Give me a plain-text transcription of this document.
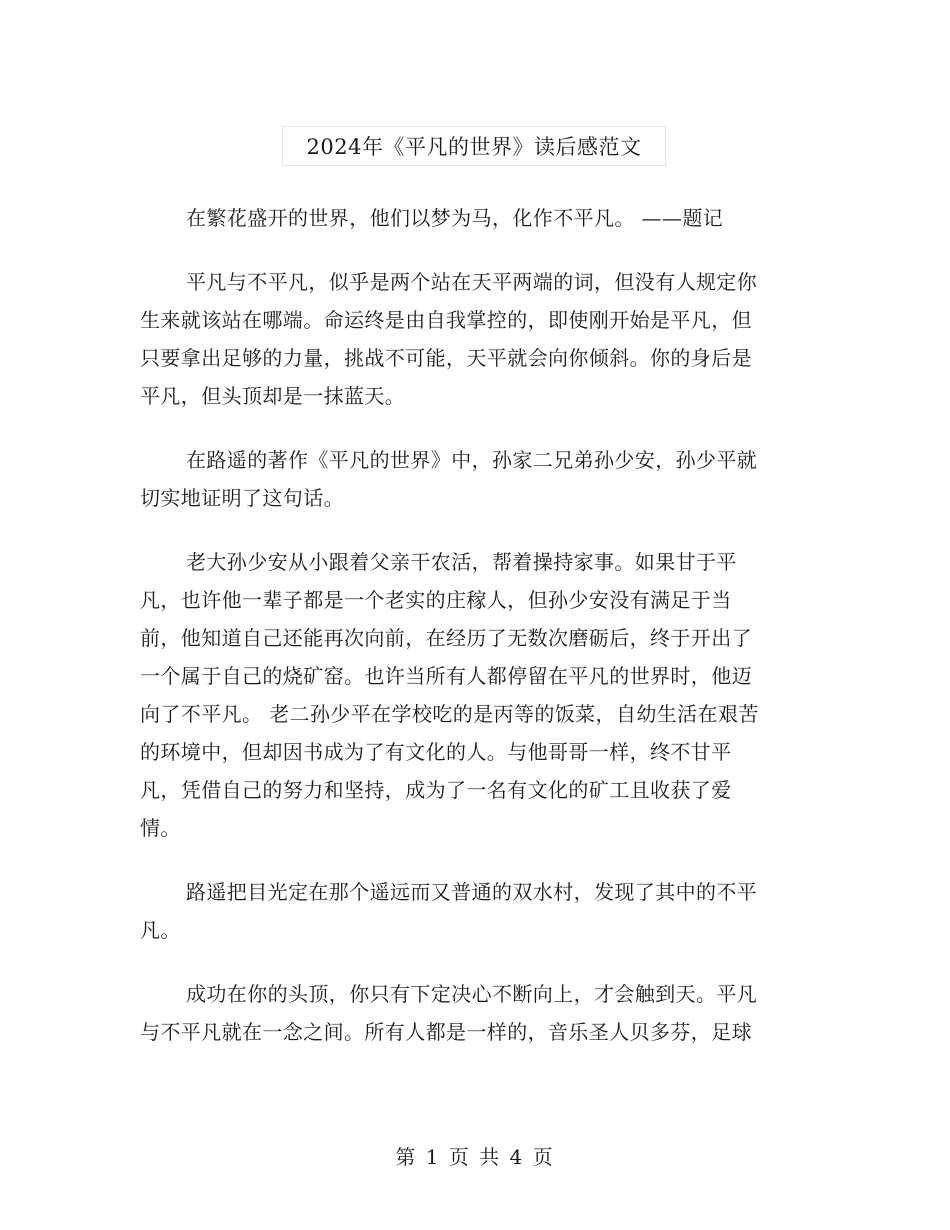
2024年《平凡的世界》读后感范文
在繁花盛开的世界，他们以梦为马，化作不平凡。 ——题记
平凡与不平凡，似乎是两个站在天平两端的词，但没有人规定你
生来就该站在哪端。命运终是由自我掌控的，即使刚开始是平凡，但
只要拿出足够的力量，挑战不可能，天平就会向你倾斜。你的身后是
平凡，但头顶却是一抹蓝天。
在路遥的著作《平凡的世界》中，孙家二兄弟孙少安，孙少平就
切实地证明了这句话。
老大孙少安从小跟着父亲干农活，帮着操持家事。如果甘于平
凡，也许他一辈子都是一个老实的庄稼人，但孙少安没有满足于当
前，他知道自己还能再次向前，在经历了无数次磨砺后，终于开出了
一个属于自己的烧矿窑。也许当所有人都停留在平凡的世界时，他迈
向了不平凡。 老二孙少平在学校吃的是丙等的饭菜，自幼生活在艰苦
的环境中，但却因书成为了有文化的人。与他哥哥一样，终不甘平
凡，凭借自己的努力和坚持，成为了一名有文化的矿工且收获了爱
情。
路遥把目光定在那个遥远而又普通的双水村，发现了其中的不平
凡。
成功在你的头顶，你只有下定决心不断向上，才会触到天。平凡
与不平凡就在一念之间。所有人都是一样的，音乐圣人贝多芬，足球
第 1 页 共 4 页
